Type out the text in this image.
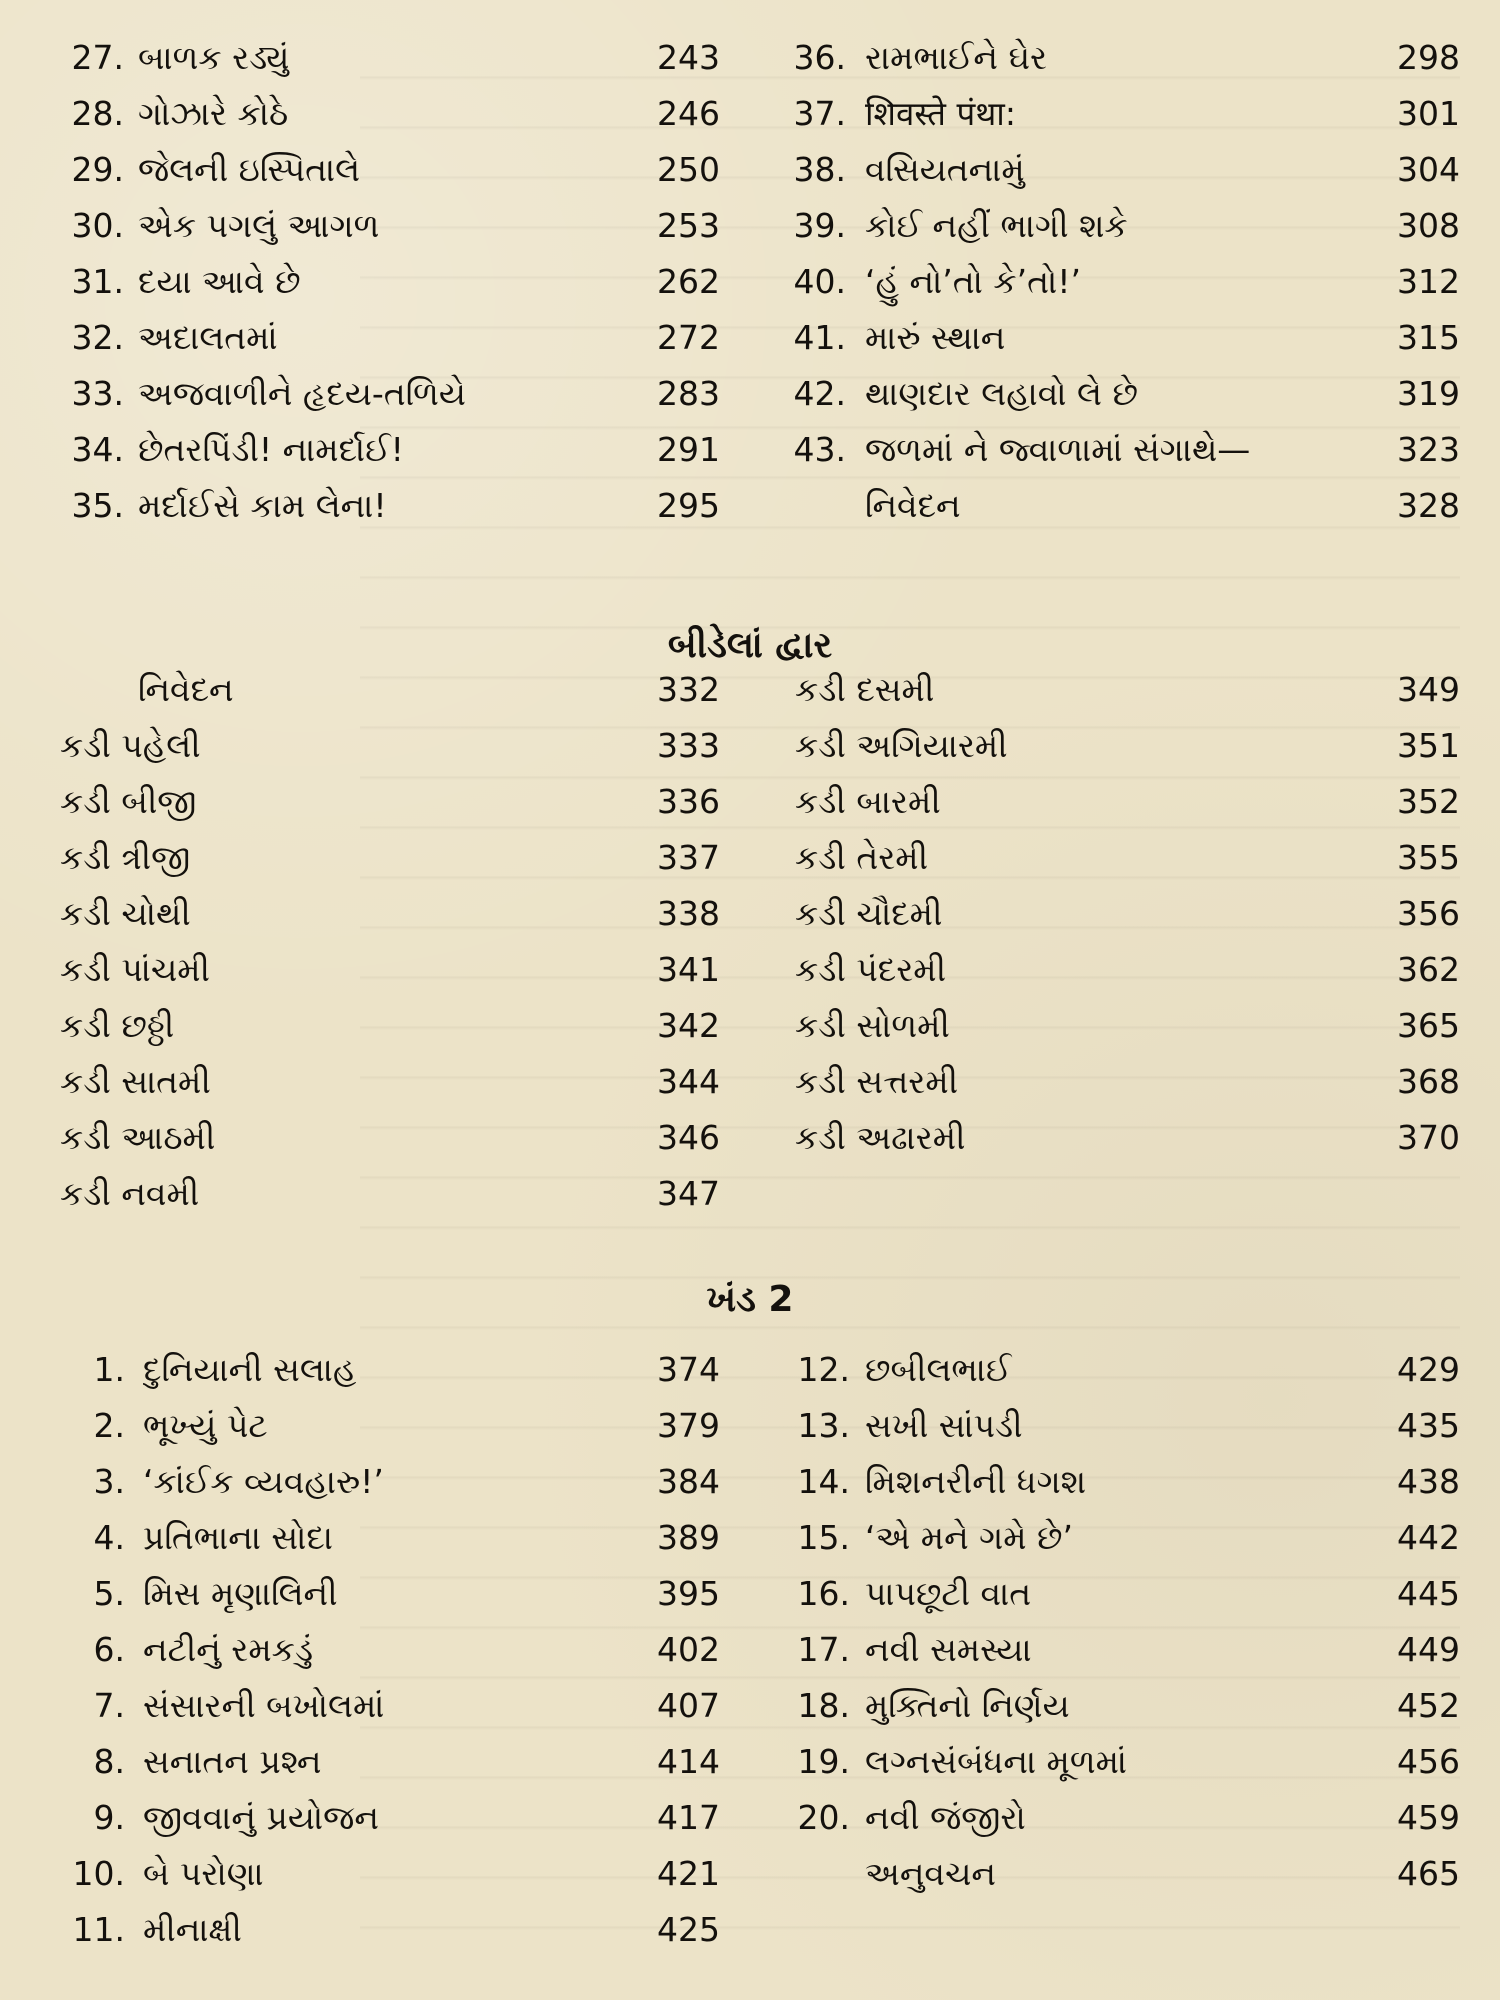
27. બાળક રડ્યું	243	36. રામભાઈને ઘેર	298
28. ગોઝારે કોઠે	246	37. शिवस्ते पंथा:	301
29. જેલની ઇસ્પિતાલે	250	38. વસિયતનામું	304
30. એક પગલું આગળ	253	39. કોઈ નહીં ભાગી શકે	308
31. દયા આવે છે	262	40. ‘હું નો’તો કે’તો!’	312
32. અદાલતમાં	272	41. મારું સ્થાન	315
33. અજવાળીને હૃદય-તળિયે	283	42. થાણદાર લહાવો લે છે	319
34. છેતરપિંડી! નામર્દાઈ!	291	43. જળમાં ને જ્વાળામાં સંગાથે—	323
35. મર્દાઈસે કામ લેના!	295	નિવેદન	328
બીડેલાં દ્વાર
નિવેદન	332 કડી દસમી	349
કડી પહેલી	333 કડી અગિયારમી	351
કડી બીજી	336 કડી બારમી	352
કડી ત્રીજી	337 કડી તેરમી	355
કડી ચોથી	338 કડી ચૌદમી	356
કડી પાંચમી	341 કડી પંદરમી	362
કડી છઠ્ઠી	342 કડી સોળમી	365
કડી સાતમી	344 કડી સત્તરમી	368
કડી આઠમી	346 કડી અઢારમી	370
કડી નવમી	347
ખંડ 2
1. દુનિયાની સલાહ	374	12. છબીલભાઈ	429
2. ભૂખ્યું પેટ	379	13. સખી સાંપડી	435
3. ‘કાંઈક વ્યવહારુ!’	384	14. મિશનરીની ધગશ	438
4. પ્રતિભાના સોદા	389	15. ‘એ મને ગમે છે’	442
5. મિસ મૃણાલિની	395	16. પાપછૂટી વાત	445
6. નટીનું રમકડું	402	17. નવી સમસ્યા	449
7. સંસારની બખોલમાં	407	18. મુક્તિનો નિર્ણય	452
8. સનાતન પ્રશ્ન	414	19. લગ્નસંબંધના મૂળમાં	456
9. જીવવાનું પ્રયોજન	417	20. નવી જંજીરો	459
10. બે પરોણા	421	અનુવચન	465
11. મીનાક્ષી	425
